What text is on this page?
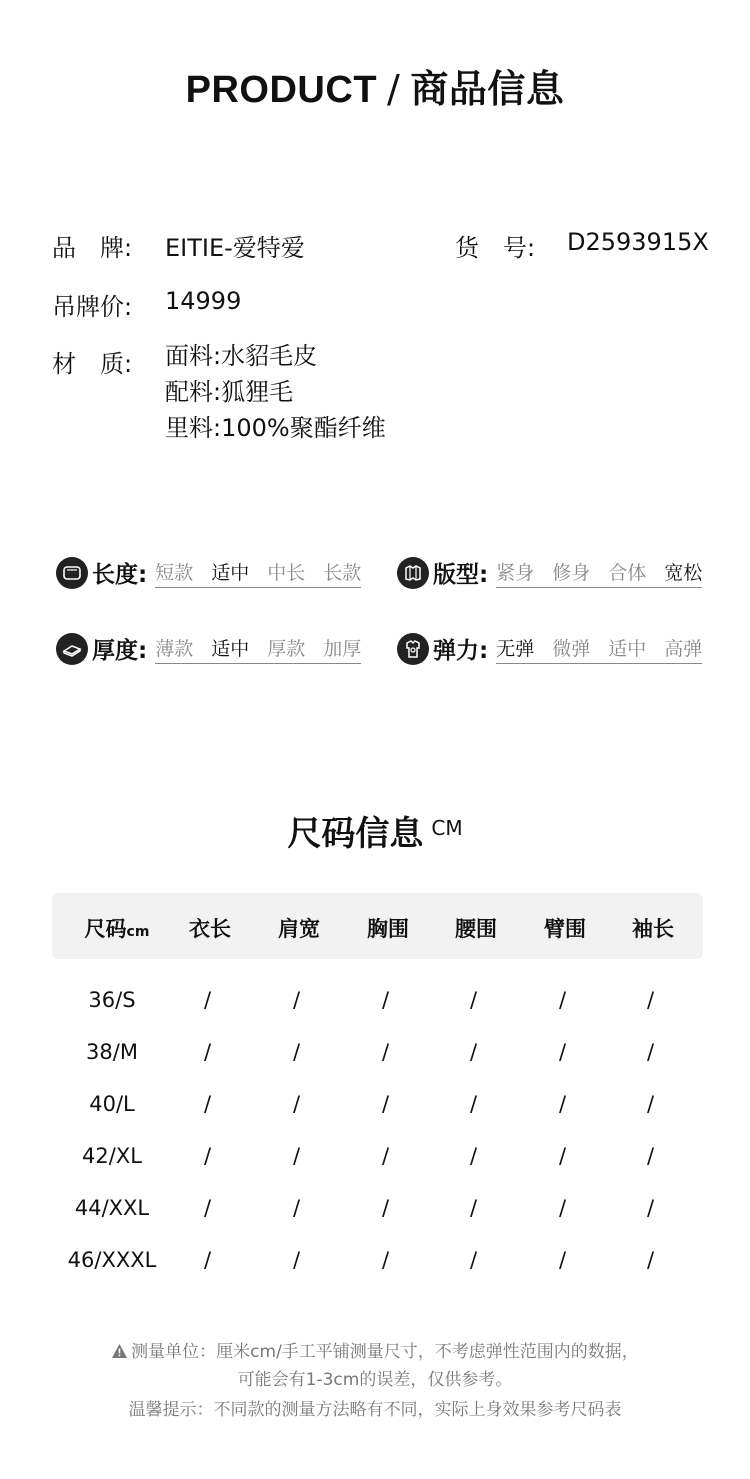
PRODUCT / 商品信息
品　牌: EITIE-爱特爱	货　号: D2593915X
吊牌价: 14999
材　质: 面料:水貂毛皮
配料:狐狸毛
里料:100%聚酯纤维
长度: 短款 适中 中长 长款	版型: 紧身 修身 合体 宽松
厚度: 薄款 适中 厚款 加厚	弹力: 无弹 微弹 适中 高弹
尺码信息 $^{CM}$
尺码cm	衣长	肩宽	胸围	腰围	臂围	袖长
36/S	/	/	/	/	/	/
38/M	/	/	/	/	/	/
40/L	/	/	/	/	/	/
42/XL	/	/	/	/	/	/
44/XXL	/	/	/	/	/	/
46/XXXL	/	/	/	/	/	/
测量单位：厘米cm/手工平铺测量尺寸，不考虑弹性范围内的数据，
可能会有1-3cm的误差，仅供参考。
温馨提示：不同款的测量方法略有不同，实际上身效果参考尺码表
